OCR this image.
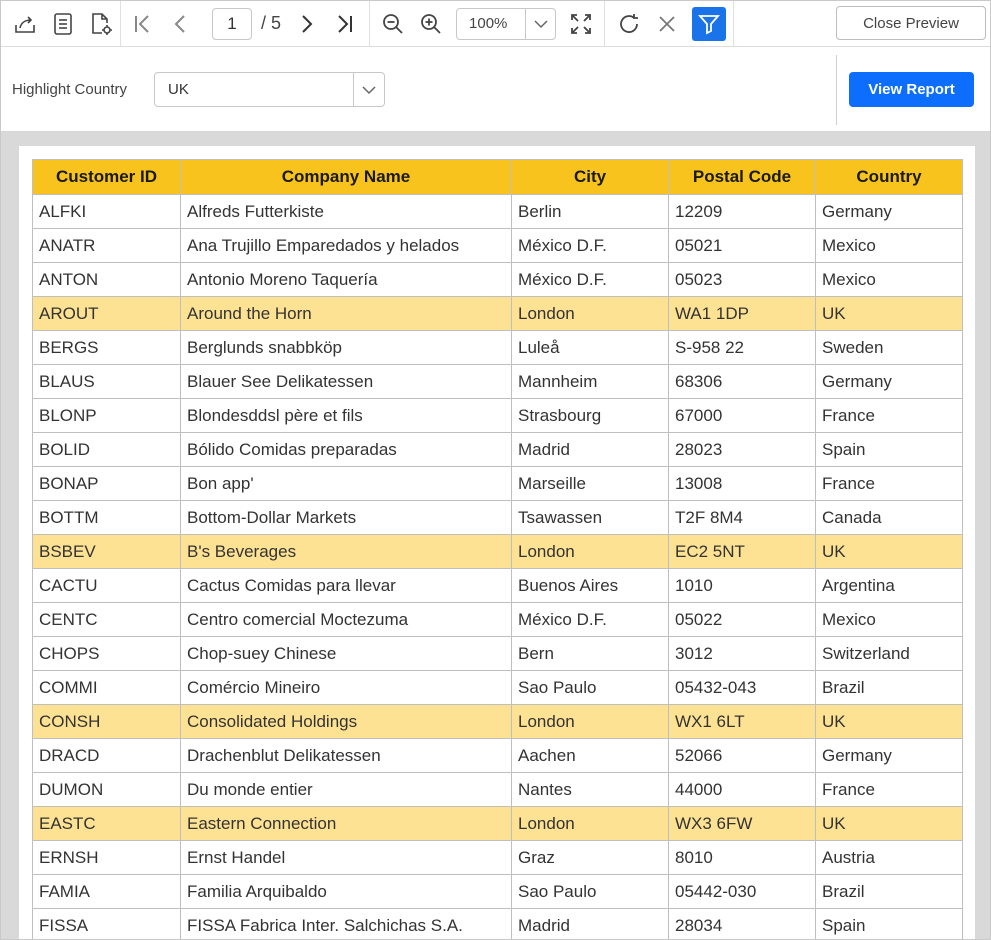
1	/ 5	100%	Close Preview
Highlight Country	UK	View Report
Customer ID	Company Name	City	Postal Code	Country
ALFKI	Alfreds Futterkiste	Berlin	12209	Germany
ANATR	Ana Trujillo Emparedados y helados	México D.F.	05021	Mexico
ANTON	Antonio Moreno Taquería	México D.F.	05023	Mexico
AROUT	Around the Horn	London	WA1 1DP	UK
BERGS	Berglunds snabbköp	Luleå	S-958 22	Sweden
BLAUS	Blauer See Delikatessen	Mannheim	68306	Germany
BLONP	Blondesddsl père et fils	Strasbourg	67000	France
BOLID	Bólido Comidas preparadas	Madrid	28023	Spain
BONAP	Bon app'	Marseille	13008	France
BOTTM	Bottom-Dollar Markets	Tsawassen	T2F 8M4	Canada
BSBEV	B's Beverages	London	EC2 5NT	UK
CACTU	Cactus Comidas para llevar	Buenos Aires	1010	Argentina
CENTC	Centro comercial Moctezuma	México D.F.	05022	Mexico
CHOPS	Chop-suey Chinese	Bern	3012	Switzerland
COMMI	Comércio Mineiro	Sao Paulo	05432-043	Brazil
CONSH	Consolidated Holdings	London	WX1 6LT	UK
DRACD	Drachenblut Delikatessen	Aachen	52066	Germany
DUMON	Du monde entier	Nantes	44000	France
EASTC	Eastern Connection	London	WX3 6FW	UK
ERNSH	Ernst Handel	Graz	8010	Austria
FAMIA	Familia Arquibaldo	Sao Paulo	05442-030	Brazil
FISSA	FISSA Fabrica Inter. Salchichas S.A.	Madrid	28034	Spain
